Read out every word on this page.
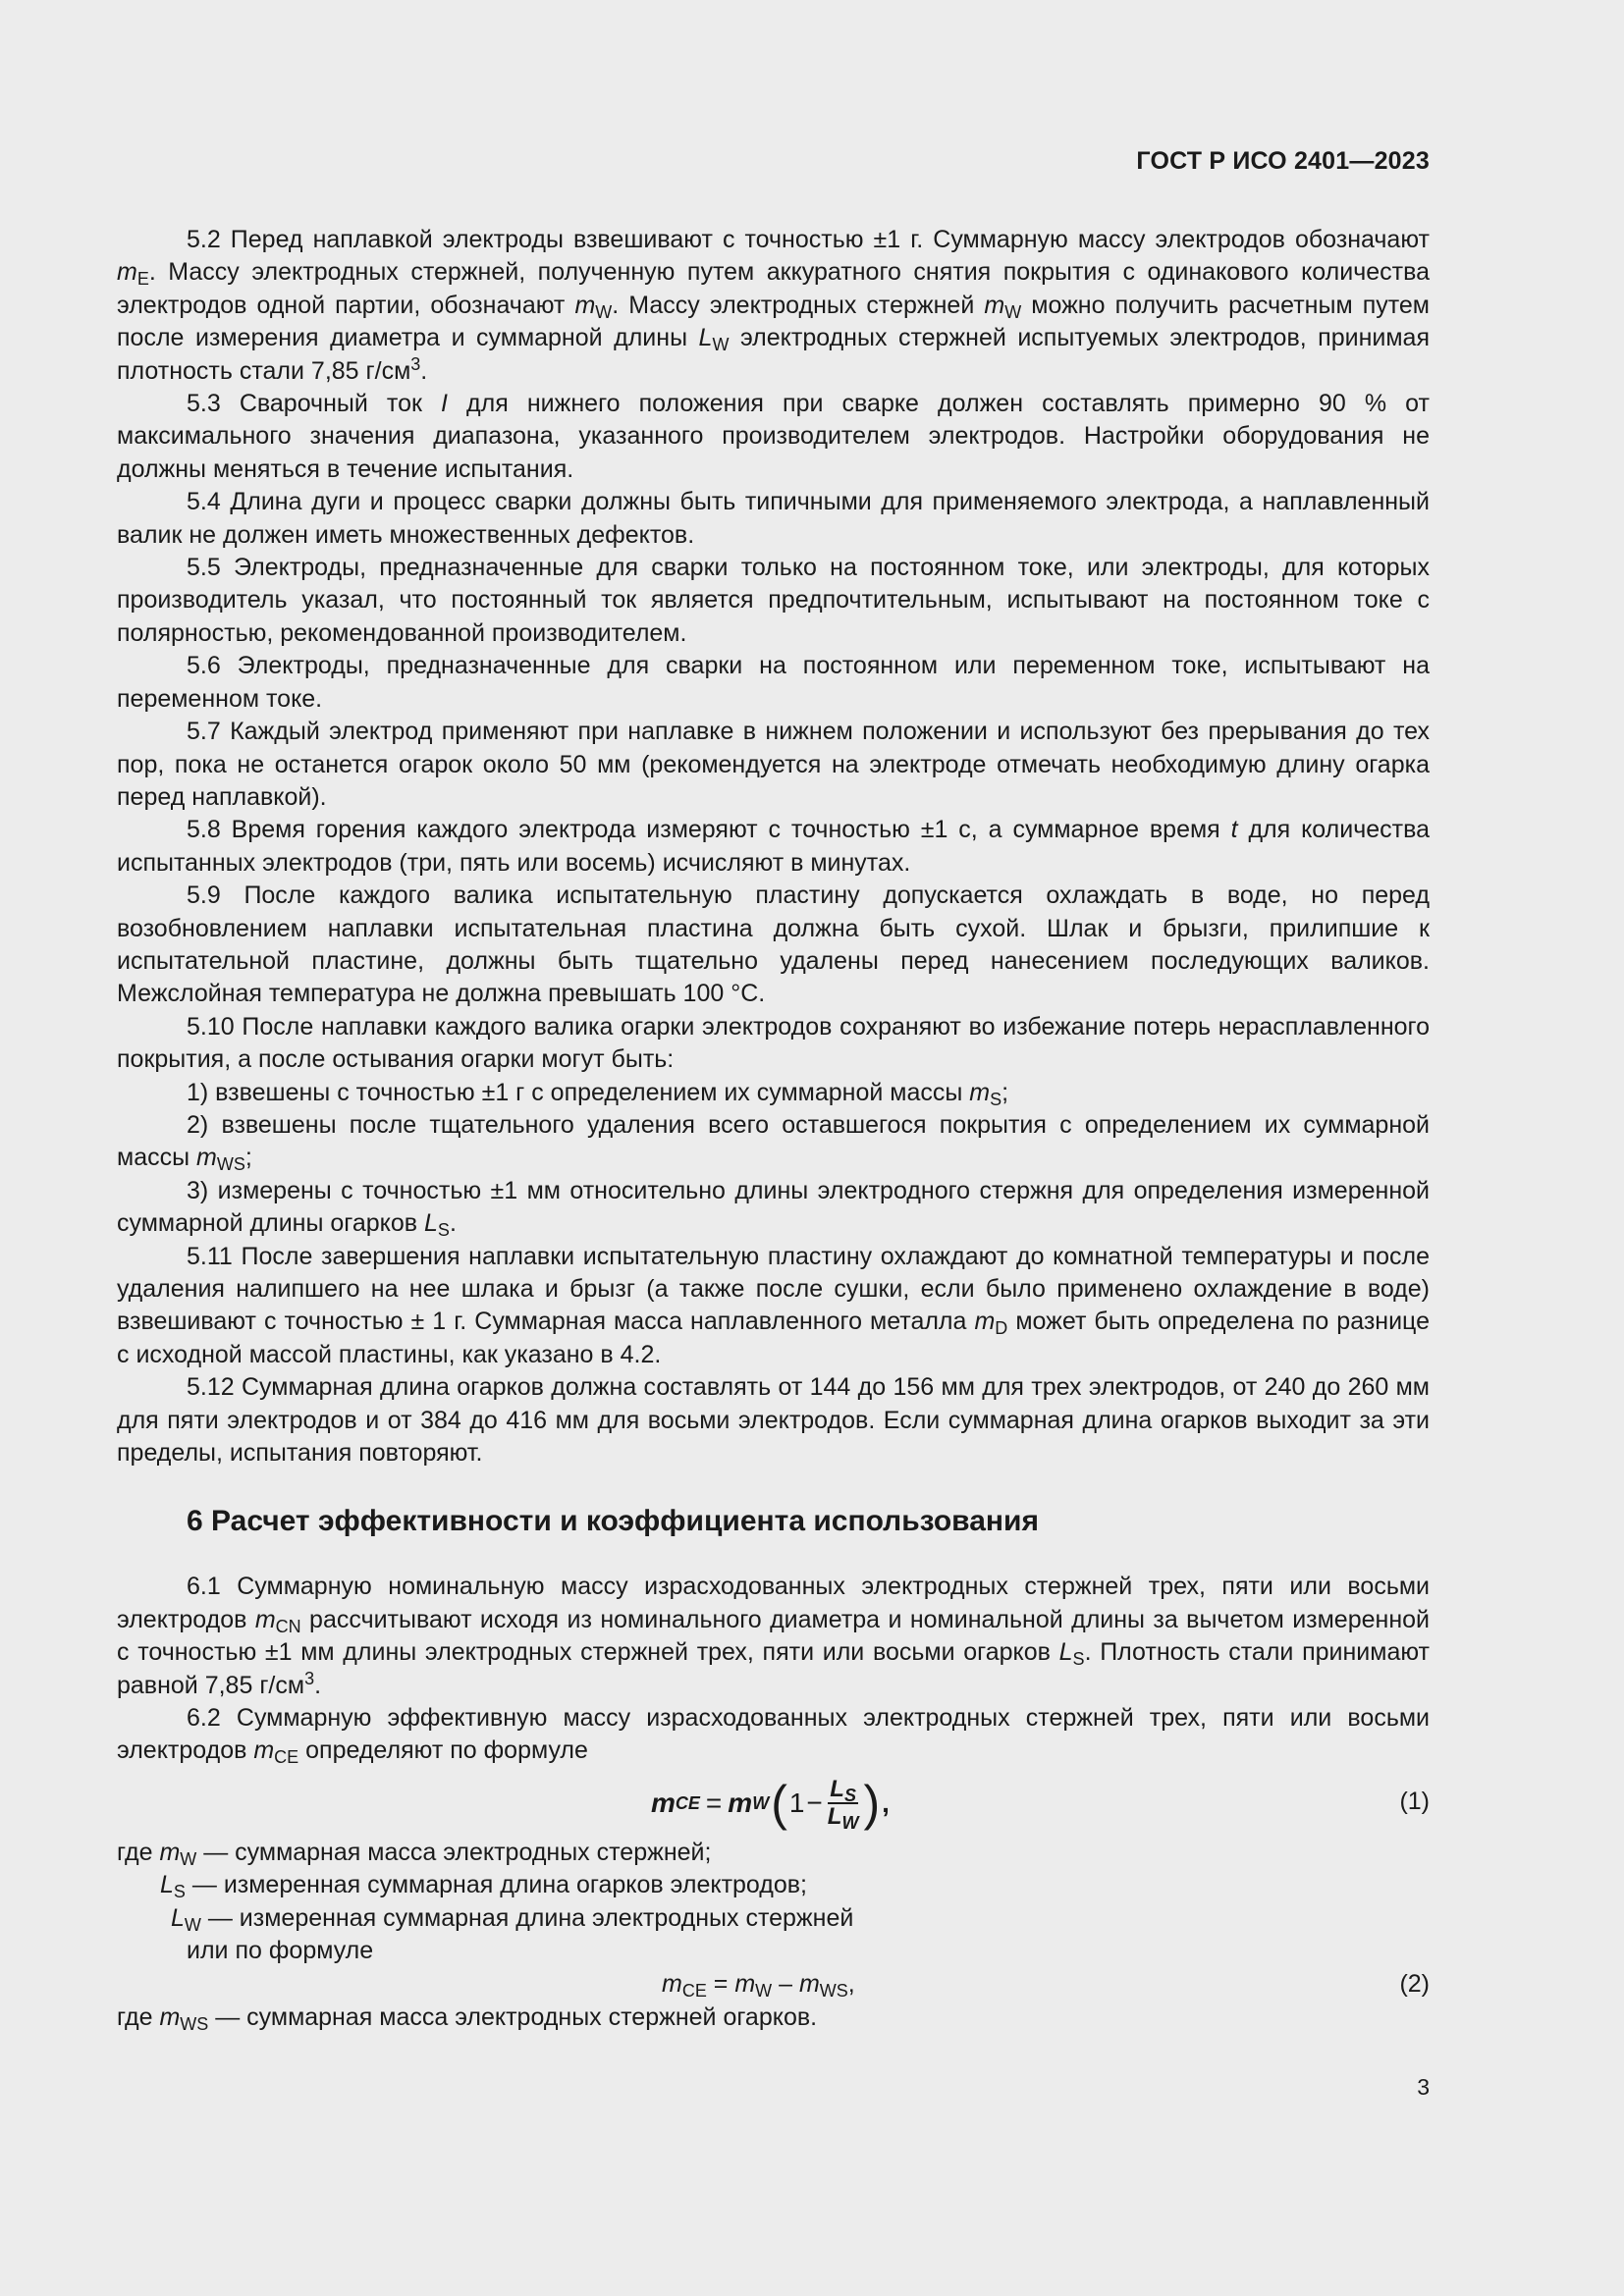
ГОСТ Р ИСО 2401—2023

5.2 Перед наплавкой электроды взвешивают с точностью ±1 г. Суммарную массу электродов обозначают $m_E$. Массу электродных стержней, полученную путем аккуратного снятия покрытия с одинакового количества электродов одной партии, обозначают $m_W$. Массу электродных стержней $m_W$ можно получить расчетным путем после измерения диаметра и суммарной длины $L_W$ электродных стержней испытуемых электродов, принимая плотность стали 7,85 $г/см^3$.

5.3 Сварочный ток I для нижнего положения при сварке должен составлять примерно 90 % от максимального значения диапазона, указанного производителем электродов. Настройки оборудования не должны меняться в течение испытания.

5.4 Длина дуги и процесс сварки должны быть типичными для применяемого электрода, а наплавленный валик не должен иметь множественных дефектов.

5.5 Электроды, предназначенные для сварки только на постоянном токе, или электроды, для которых производитель указал, что постоянный ток является предпочтительным, испытывают на постоянном токе с полярностью, рекомендованной производителем.

5.6 Электроды, предназначенные для сварки на постоянном или переменном токе, испытывают на переменном токе.

5.7 Каждый электрод применяют при наплавке в нижнем положении и используют без прерывания до тех пор, пока не останется огарок около 50 мм (рекомендуется на электроде отмечать необходимую длину огарка перед наплавкой).

5.8 Время горения каждого электрода измеряют с точностью ±1 с, а суммарное время t для количества испытанных электродов (три, пять или восемь) исчисляют в минутах.

5.9 После каждого валика испытательную пластину допускается охлаждать в воде, но перед возобновлением наплавки испытательная пластина должна быть сухой. Шлак и брызги, прилипшие к испытательной пластине, должны быть тщательно удалены перед нанесением последующих валиков. Межслойная температура не должна превышать 100 °C.

5.10 После наплавки каждого валика огарки электродов сохраняют во избежание потерь нерасплавленного покрытия, а после остывания огарки могут быть:

1) взвешены с точностью ±1 г с определением их суммарной массы $m_S$;

2) взвешены после тщательного удаления всего оставшегося покрытия с определением их суммарной массы $m_{WS}$;

3) измерены с точностью ±1 мм относительно длины электродного стержня для определения измеренной суммарной длины огарков $L_S$.

5.11 После завершения наплавки испытательную пластину охлаждают до комнатной температуры и после удаления налипшего на нее шлака и брызг (а также после сушки, если было применено охлаждение в воде) взвешивают с точностью ± 1 г. Суммарная масса наплавленного металла $m_D$ может быть определена по разнице с исходной массой пластины, как указано в 4.2.

5.12 Суммарная длина огарков должна составлять от 144 до 156 мм для трех электродов, от 240 до 260 мм для пяти электродов и от 384 до 416 мм для восьми электродов. Если суммарная длина огарков выходит за эти пределы, испытания повторяют.

6 Расчет эффективности и коэффициента использования

6.1 Суммарную номинальную массу израсходованных электродных стержней трех, пяти или восьми электродов $m_{CN}$ рассчитывают исходя из номинального диаметра и номинальной длины за вычетом измеренной с точностью ±1 мм длины электродных стержней трех, пяти или восьми огарков $L_S$. Плотность стали принимают равной 7,85 $г/см^3$.

6.2 Суммарную эффективную массу израсходованных электродных стержней трех, пяти или восьми электродов $m_{CE}$ определяют по формуле

m CE = m W ( $1 - \frac{L_S}{L_W}$ ) ,	(1)

где $m_W$ — суммарная масса электродных стержней;

$L_S$ — измеренная суммарная длина огарков электродов;

$L_W$ — измеренная суммарная длина электродных стержней

или по формуле

$m_{CE} = m_W - m_{WS}$,	(2)

где $m_{WS}$ — суммарная масса электродных стержней огарков.

3
